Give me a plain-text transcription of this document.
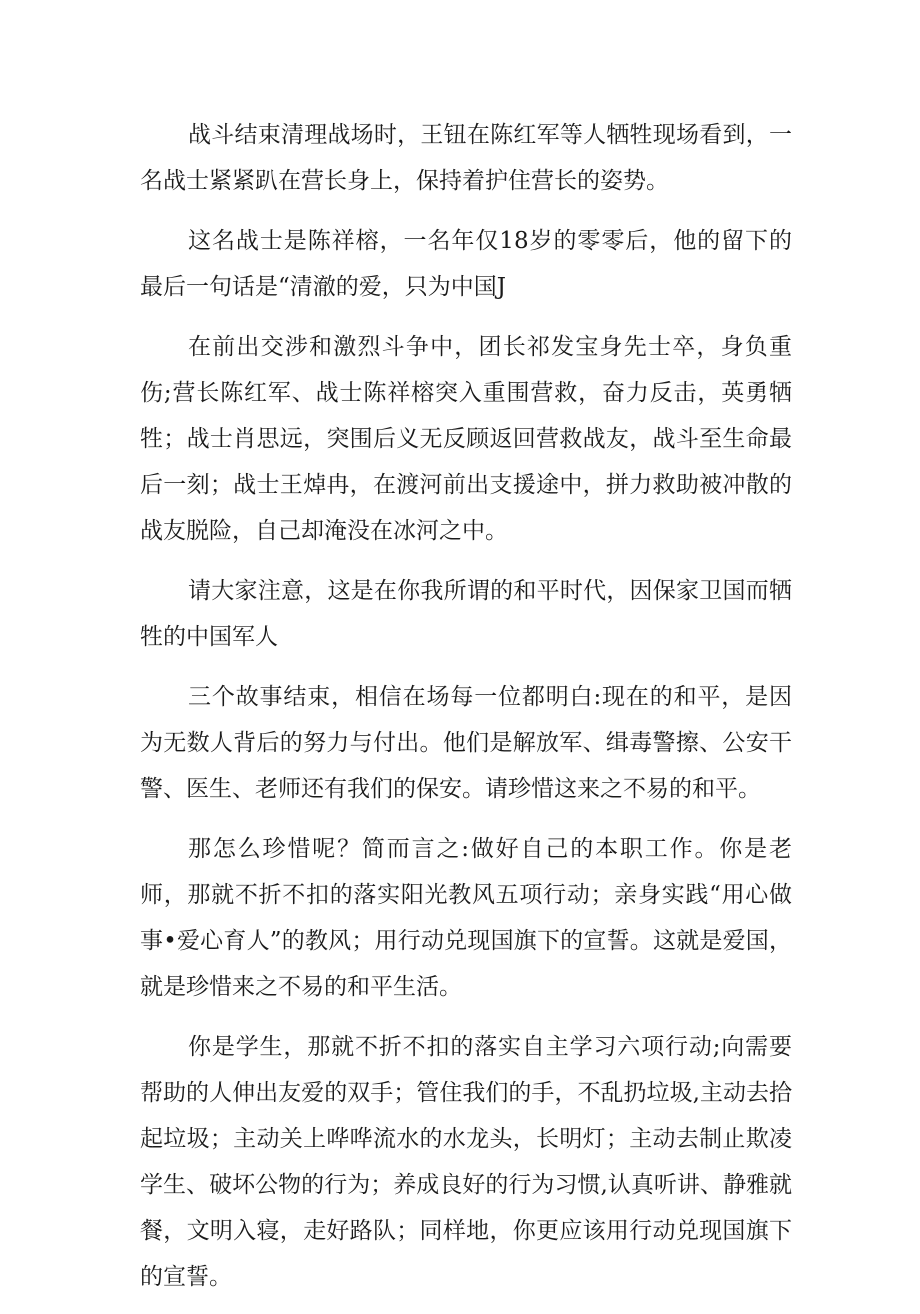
战斗结束清理战场时，王钮在陈红军等人牺牲现场看到，一名战士紧紧趴在营长身上，保持着护住营长的姿势。

这名战士是陈祥榕，一名年仅18岁的零零后，他的留下的最后一句话是“清澈的爱，只为中国J

在前出交涉和激烈斗争中，团长祁发宝身先士卒，身负重伤;营长陈红军、战士陈祥榕突入重围营救，奋力反击，英勇牺牲；战士肖思远，突围后义无反顾返回营救战友，战斗至生命最后一刻；战士王焯冉，在渡河前出支援途中，拼力救助被冲散的战友脱险，自己却淹没在冰河之中。

请大家注意，这是在你我所谓的和平时代，因保家卫国而牺牲的中国军人

三个故事结束，相信在场每一位都明白:现在的和平，是因为无数人背后的努力与付出。他们是解放军、缉毒警擦、公安干警、医生、老师还有我们的保安。请珍惜这来之不易的和平。

那怎么珍惜呢？简而言之:做好自己的本职工作。你是老师，那就不折不扣的落实阳光教风五项行动；亲身实践“用心做事•爱心育人”的教风；用行动兑现国旗下的宣誓。这就是爱国，就是珍惜来之不易的和平生活。

你是学生，那就不折不扣的落实自主学习六项行动;向需要帮助的人伸出友爱的双手；管住我们的手，不乱扔垃圾,主动去拾起垃圾；主动关上哗哗流水的水龙头，长明灯；主动去制止欺凌学生、破坏公物的行为；养成良好的行为习惯,认真听讲、静雅就餐，文明入寝，走好路队；同样地，你更应该用行动兑现国旗下的宣誓。
